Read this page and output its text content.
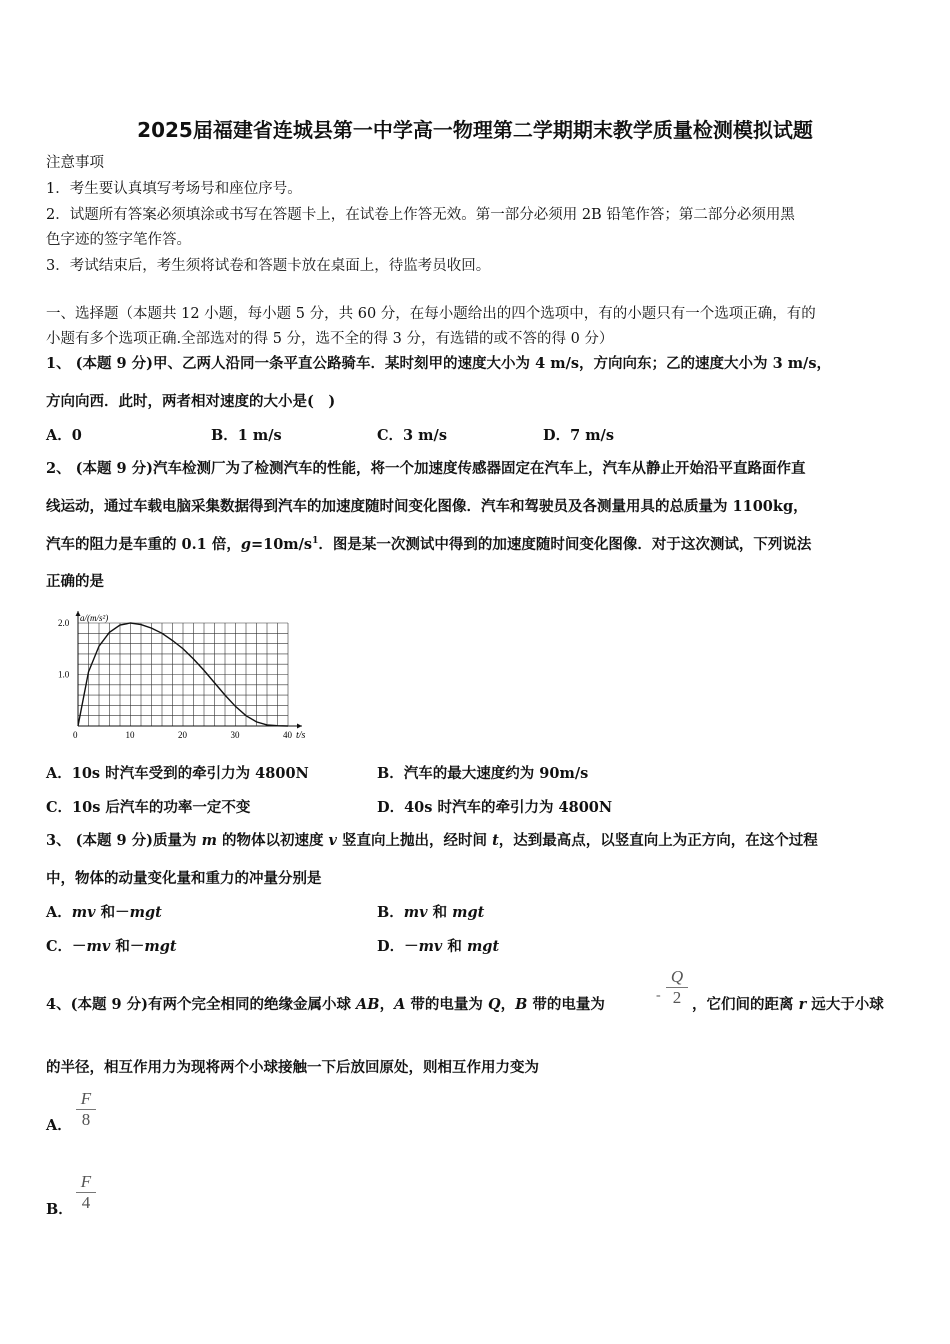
2025届福建省连城县第一中学高一物理第二学期期末教学质量检测模拟试题
注意事项
1．考生要认真填写考场号和座位序号。
2．试题所有答案必须填涂或书写在答题卡上，在试卷上作答无效。第一部分必须用 2B 铅笔作答；第二部分必须用黑
色字迹的签字笔作答。
3．考试结束后，考生须将试卷和答题卡放在桌面上，待监考员收回。
一、选择题（本题共 12 小题，每小题 5 分，共 60 分，在每小题给出的四个选项中，有的小题只有一个选项正确，有的
小题有多个选项正确.全部选对的得 5 分，选不全的得 3 分，有选错的或不答的得 0 分）
1、 (本题 9 分)甲、乙两人沿同一条平直公路骑车．某时刻甲的速度大小为 4 m/s，方向向东；乙的速度大小为 3 m/s，
方向向西．此时，两者相对速度的大小是(　)
A．0	B．1 m/s	C．3 m/s	D．7 m/s
2、 (本题 9 分)汽车检测厂为了检测汽车的性能，将一个加速度传感器固定在汽车上，汽车从静止开始沿平直路面作直
线运动，通过车载电脑采集数据得到汽车的加速度随时间变化图像．汽车和驾驶员及各测量用具的总质量为 1100kg，
汽车的阻力是车重的 0.1 倍，$g=10m/s^1$．图是某一次测试中得到的加速度随时间变化图像．对于这次测试，下列说法
正确的是
0	10	20	30	40
1.0
2.0 a/(m/s²)
t/s
A．10s 时汽车受到的牵引力为 4800N	B．汽车的最大速度约为 90m/s
C．10s 后汽车的功率一定不变	D．40s 时汽车的牵引力为 4800N
3、 (本题 9 分)质量为 m 的物体以初速度 v 竖直向上抛出，经时间 t，达到最高点，以竖直向上为正方向，在这个过程
中，物体的动量变化量和重力的冲量分别是
A．mv 和－mgt	B．mv 和 mgt
C．－mv 和－mgt	D．－mv 和 mgt
4、(本题 9 分)有两个完全相同的绝缘金属小球 AB，A 带的电量为 Q，B 带的电量为
-
Q
2 ，它们间的距离 r 远大于小球
的半径，相互作用力为现将两个小球接触一下后放回原处，则相互作用力变为
A．
F
8
B．
F
4
